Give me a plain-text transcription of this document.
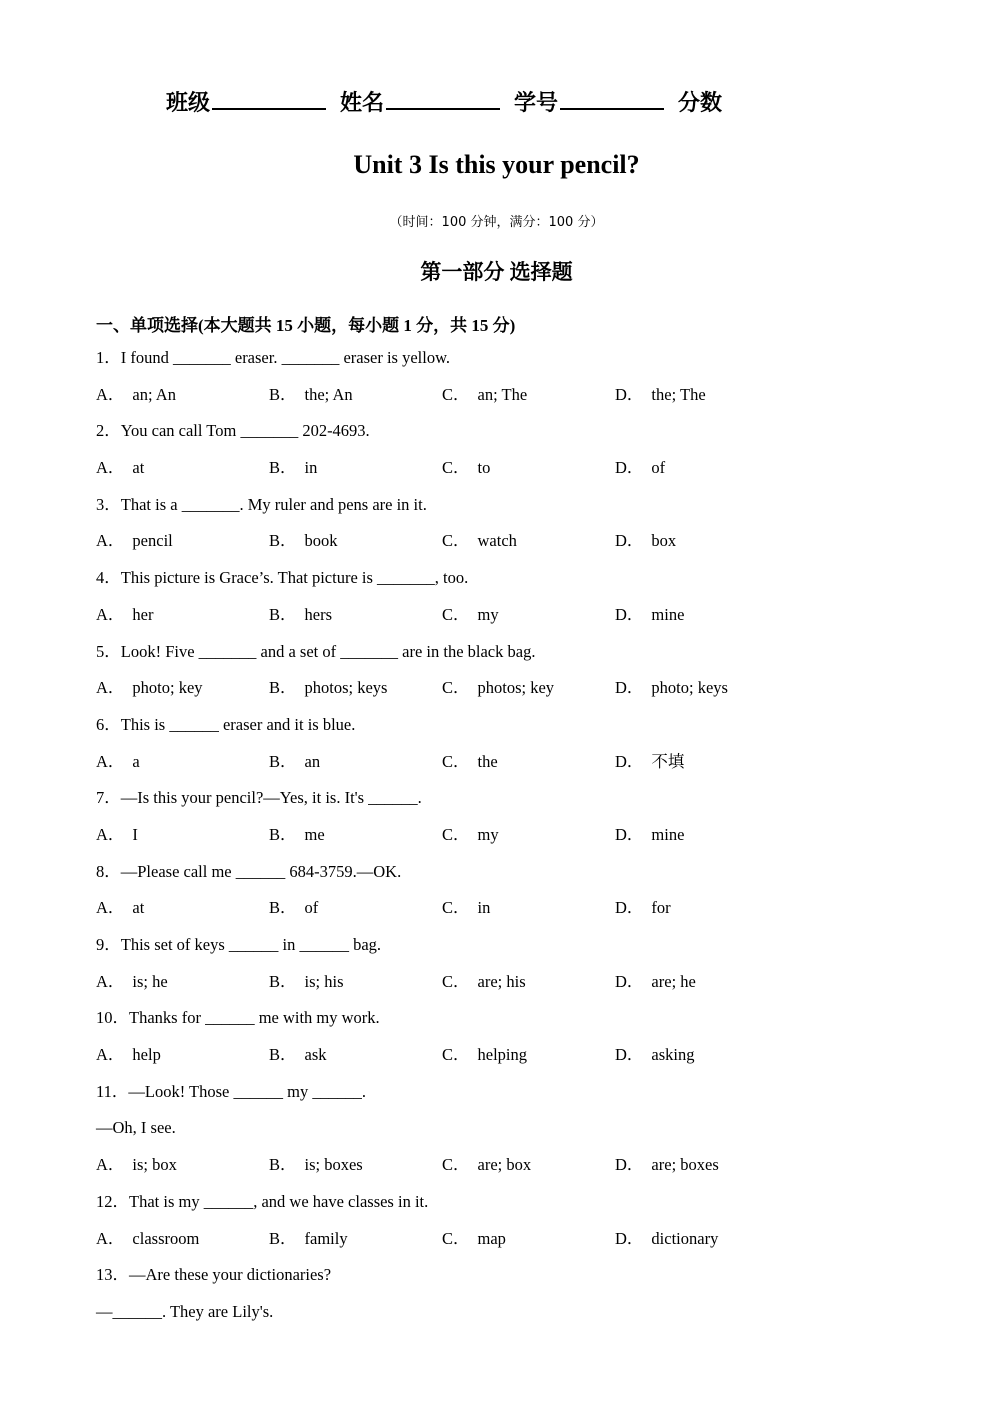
班级	姓名	学号	分数
Unit 3 Is this your pencil?
（时间：100 分钟，满分：100 分）
第一部分 选择题
一、单项选择(本大题共 15 小题，每小题 1 分，共 15 分)
1．I found _______ eraser. _______ eraser is yellow.
A． an; An	B． the; An	C． an; The	D． the; The
2．You can call Tom _______ 202-4693.
A． at	B． in	C． to	D． of
3．That is a _______. My ruler and pens are in it.
A． pencil	B． book	C． watch	D． box
4．This picture is Grace’s. That picture is _______, too.
A． her	B． hers	C． my	D． mine
5．Look! Five _______ and a set of _______ are in the black bag.
A． photo; key	B． photos; keys	C． photos; key	D． photo; keys
6．This is ______ eraser and it is blue.
A． a	B． an	C． the	D． 不填
7．—Is this your pencil?—Yes, it is. It's ______.
A． I	B． me	C． my	D． mine
8．—Please call me ______ 684-3759.—OK.
A． at	B． of	C． in	D． for
9．This set of keys ______ in ______ bag.
A． is; he	B． is; his	C． are; his	D． are; he
10．Thanks for ______ me with my work.
A． help	B． ask	C． helping	D． asking
11．—Look! Those ______ my ______.
—Oh, I see.
A． is; box	B． is; boxes	C． are; box	D． are; boxes
12．That is my ______, and we have classes in it.
A． classroom	B． family	C． map	D． dictionary
13．—Are these your dictionaries?
—______. They are Lily's.
